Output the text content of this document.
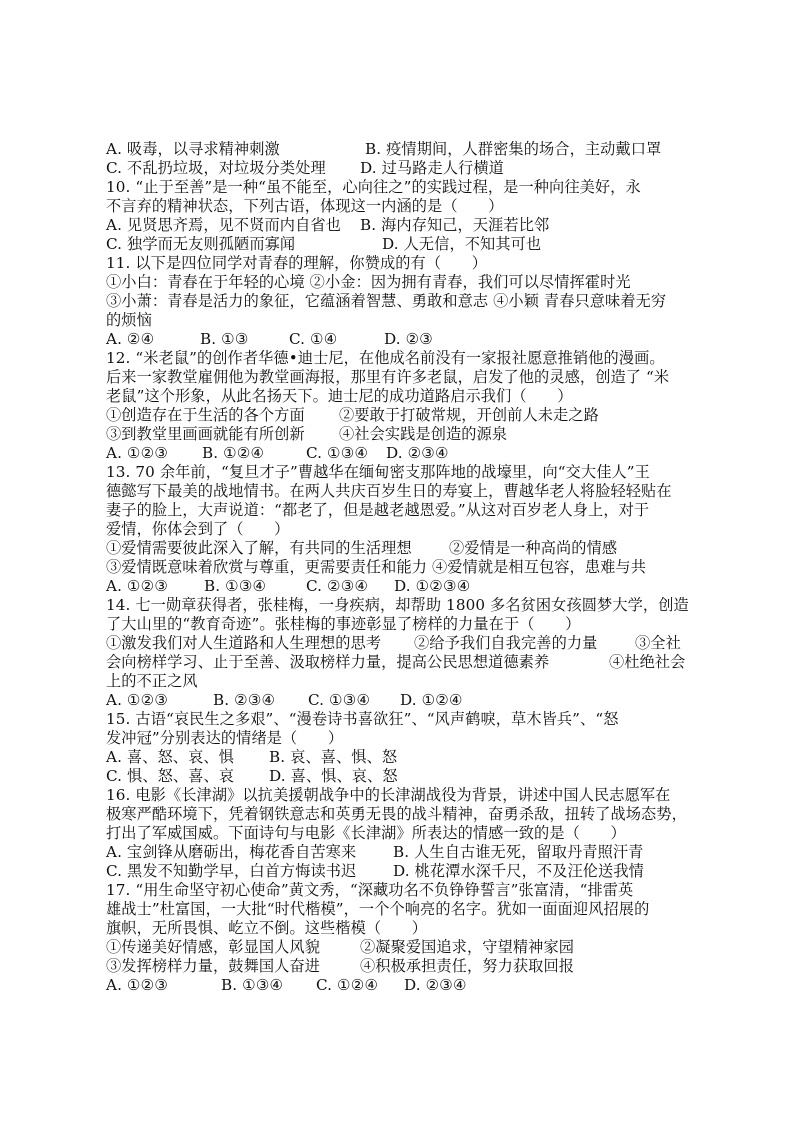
A. 吸毒，以寻求精神刺激	B. 疫情期间，人群密集的场合，主动戴口罩
C. 不乱扔垃圾，对垃圾分类处理 D. 过马路走人行横道
10. “止于至善”是一种“虽不能至，心向往之”的实践过程，是一种向往美好，永
不言弃的精神状态，下列古语，体现这一内涵的是（　　）
A. 见贤思齐焉，见不贤而内自省也 B. 海内存知己，天涯若比邻
C. 独学而无友则孤陋而寡闻	D. 人无信，不知其可也
11. 以下是四位同学对青春的理解，你赞成的有（　　）
①小白：青春在于年轻的心境 ②小金：因为拥有青春，我们可以尽情挥霍时光
③小萧：青春是活力的象征，它蕴涵着智慧、勇敢和意志 ④小颖 青春只意味着无穷
的烦恼
A. ②④	B. ①③	C. ①④	D. ②③
12. “米老鼠”的创作者华德•迪士尼，在他成名前没有一家报社愿意推销他的漫画。
后来一家教堂雇佣他为教堂画海报，那里有许多老鼠，启发了他的灵感，创造了 “米
老鼠”这个形象，从此名扬天下。迪士尼的成功道路启示我们（　　）
①创造存在于生活的各个方面 ②要敢于打破常规，开创前人未走之路
③到教堂里画画就能有所创新 ④社会实践是创造的源泉
A. ①②③ B. ①②④	C. ①③④ D. ②③④
13. 70 余年前，“复旦才子”曹越华在缅甸密支那阵地的战壕里，向“交大佳人”王
德懿写下最美的战地情书。在两人共庆百岁生日的寿宴上，曹越华老人将脸轻轻贴在
妻子的脸上，大声说道：“都老了，但是越老越恩爱。”从这对百岁老人身上，对于
爱情，你体会到了（　　）
①爱情需要彼此深入了解，有共同的生活理想 ②爱情是一种高尚的情感
③爱情既意味着欣赏与尊重，更需要责任和能力 ④爱情就是相互包容，患难与共
A. ①②③ B. ①③④	C. ②③④ D. ①②③④
14. 七一勋章获得者，张桂梅，一身疾病，却帮助 1800 多名贫困女孩圆梦大学，创造
了大山里的“教育奇迹”。张桂梅的事迹彰显了榜样的力量在于（　　）
①激发我们对人生道路和人生理想的思考 ②给予我们自我完善的力量 ③全社
会向榜样学习、止于至善、汲取榜样力量，提高公民思想道德素养	④杜绝社会
上的不正之风
A. ①②③	B. ②③④ C. ①③④ D. ①②④
15. 古语“哀民生之多艰”、“漫卷诗书喜欲狂”、“风声鹤唳，草木皆兵”、“怒
发冲冠”分别表达的情绪是（　　）
A. 喜、怒、哀、惧 B. 哀、喜、惧、怒
C. 惧、怒、喜、哀 D. 喜、惧、哀、怒
16. 电影《长津湖》以抗美援朝战争中的长津湖战役为背景，讲述中国人民志愿军在
极寒严酷环境下，凭着钢铁意志和英勇无畏的战斗精神，奋勇杀敌，扭转了战场态势，
打出了军威国威。下面诗句与电影《长津湖》所表达的情感一致的是（　　）
A. 宝剑锋从磨砺出，梅花香自苦寒来 B. 人生自古谁无死，留取丹青照汗青
C. 黑发不知勤学早，白首方悔读书迟 D. 桃花潭水深千尺，不及汪伦送我情
17. “用生命坚守初心使命”黄文秀，“深藏功名不负铮铮誓言”张富清，“排雷英
雄战士”杜富国，一大批“时代楷模”，一个个响亮的名字。犹如一面面迎风招展的
旗帜，无所畏惧、屹立不倒。这些楷模（　　）
①传递美好情感，彰显国人风貌	②凝聚爱国追求，守望精神家园
③发挥榜样力量，鼓舞国人奋进	④积极承担责任，努力获取回报
A. ①②③	B. ①③④ C. ①②④ D. ②③④
